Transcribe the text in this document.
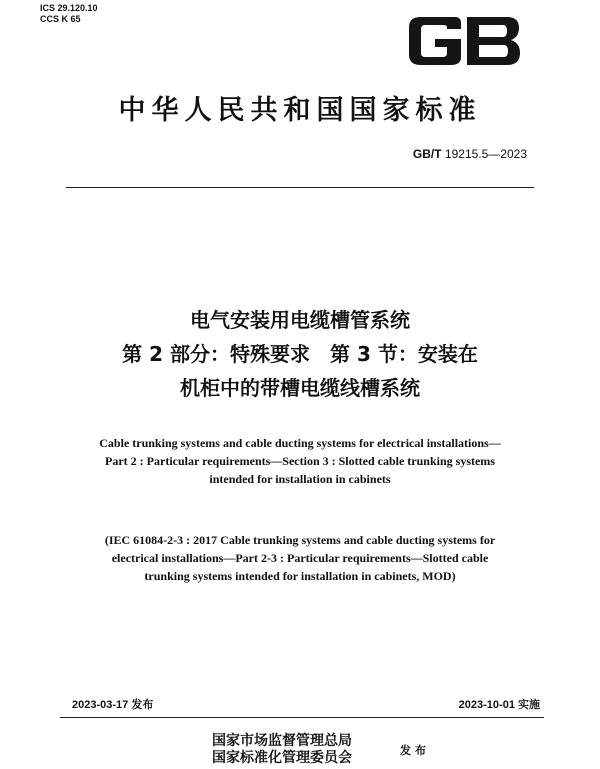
ICS 29.120.10
CCS K 65
中华人民共和国国家标准
GB/T 19215.5—2023
电气安装用电缆槽管系统
第 2 部分：特殊要求　第 3 节：安装在
机柜中的带槽电缆线槽系统
Cable trunking systems and cable ducting systems for electrical installations—
Part 2 : Particular requirements—Section 3 : Slotted cable trunking systems
intended for installation in cabinets
(IEC 61084-2-3 : 2017 Cable trunking systems and cable ducting systems for
electrical installations—Part 2-3 : Particular requirements—Slotted cable
trunking systems intended for installation in cabinets, MOD)
2023-03-17 发布	2023-10-01 实施
国家市场监督管理总局
国家标准化管理委员会	发布
